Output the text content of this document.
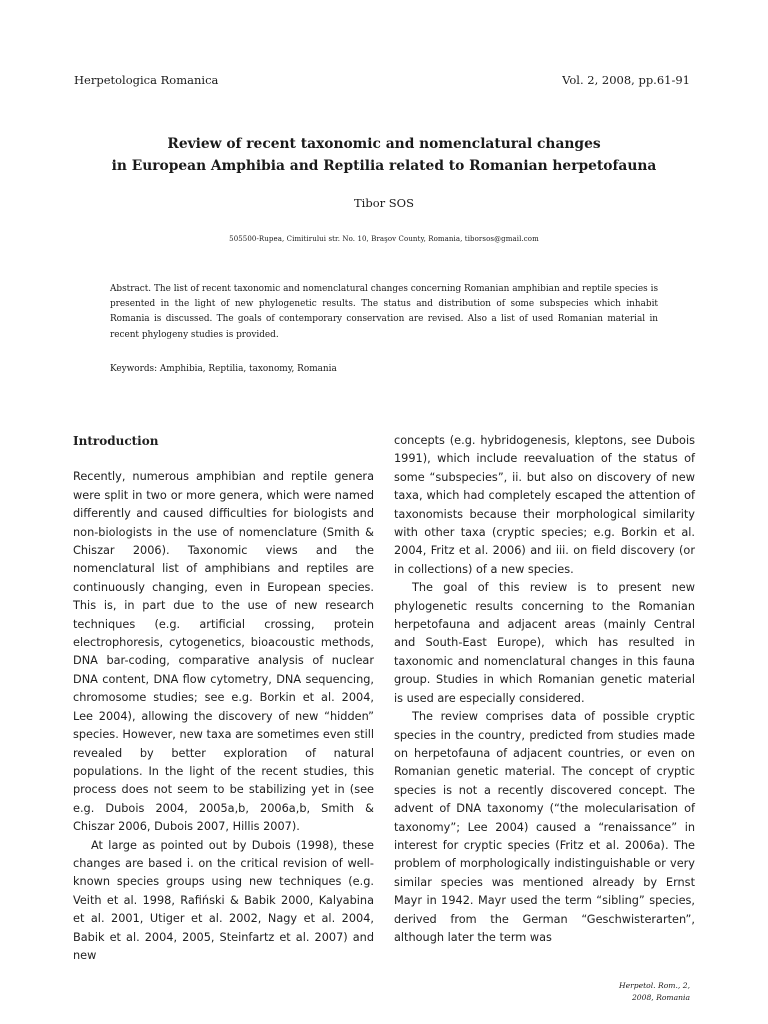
Herpetologica Romanica	Vol. 2, 2008, pp.61-91
Review of recent taxonomic and nomenclatural changes
in European Amphibia and Reptilia related to Romanian herpetofauna
Tibor SOS
505500-Rupea, Cimitirului str. No. 10, Braşov County, Romania, tiborsos@gmail.com
Abstract. The list of recent taxonomic and nomenclatural changes concerning Romanian amphibian and reptile species is presented in the light of new phylogenetic results. The status and distribution of some subspecies which inhabit Romania is discussed. The goals of contemporary conservation are revised. Also a list of used Romanian material in recent phylogeny studies is provided.
Keywords: Amphibia, Reptilia, taxonomy, Romania
Introduction

Recently, numerous amphibian and reptile genera were split in two or more genera, which were named differently and caused difficulties for biologists and non-biologists in the use of nomenclature (Smith & Chiszar 2006). Taxonomic views and the nomenclatural list of amphibians and reptiles are continuously changing, even in European species. This is, in part due to the use of new research techniques (e.g. artificial crossing, protein electrophoresis, cytogenetics, bioacoustic methods, DNA bar-coding, comparative analysis of nuclear DNA content, DNA flow cytometry, DNA sequencing, chromosome studies; see e.g. Borkin et al. 2004, Lee 2004), allowing the discovery of new “hidden” species. However, new taxa are sometimes even still revealed by better exploration of natural populations. In the light of the recent studies, this process does not seem to be stabilizing yet in (see e.g. Dubois 2004, 2005a,b, 2006a,b, Smith & Chiszar 2006, Dubois 2007, Hillis 2007).

At large as pointed out by Dubois (1998), these changes are based i. on the critical revision of well-known species groups using new techniques (e.g. Veith et al. 1998, Rafiński & Babik 2000, Kalyabina et al. 2001, Utiger et al. 2002, Nagy et al. 2004, Babik et al. 2004, 2005, Steinfartz et al. 2007) and new

concepts (e.g. hybridogenesis, kleptons, see Dubois 1991), which include reevaluation of the status of some “subspecies”, ii. but also on discovery of new taxa, which had completely escaped the attention of taxonomists because their morphological similarity with other taxa (cryptic species; e.g. Borkin et al. 2004, Fritz et al. 2006) and iii. on field discovery (or in collections) of a new species.

The goal of this review is to present new phylogenetic results concerning to the Romanian herpetofauna and adjacent areas (mainly Central and South-East Europe), which has resulted in taxonomic and nomenclatural changes in this fauna group. Studies in which Romanian genetic material is used are especially considered.

The review comprises data of possible cryptic species in the country, predicted from studies made on herpetofauna of adjacent countries, or even on Romanian genetic material. The concept of cryptic species is not a recently discovered concept. The advent of DNA taxonomy (“the molecularisation of taxonomy”; Lee 2004) caused a “renaissance” in interest for cryptic species (Fritz et al. 2006a). The problem of morphologically indistinguishable or very similar species was mentioned already by Ernst Mayr in 1942. Mayr used the term “sibling” species, derived from the German “Geschwisterarten”, although later the term was

Herpetol. Rom., 2,
2008, Romania
